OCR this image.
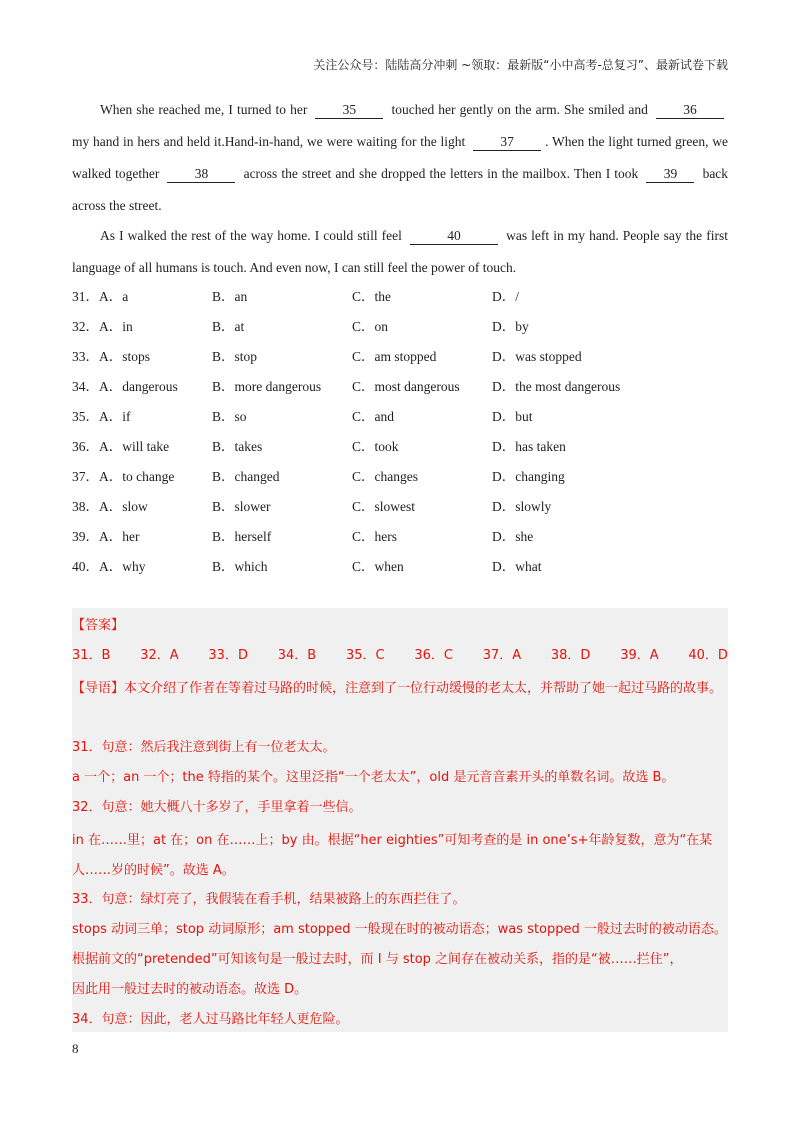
关注公众号：陆陆高分冲刺 ~领取：最新版“小中高考-总复习”、最新试卷下载

When she reached me, I turned to her	35	touched her gently on the arm. She smiled and	36 my hand in hers and held it.Hand-in-hand, we were waiting for the light	37 . When the light turned green, we walked together	38	across the street and she dropped the letters in the mailbox. Then I took 39 back across the street.

As I walked the rest of the way home. I could still feel	40	was left in my hand. People say the first language of all humans is touch. And even now, I can still feel the power of touch.

31．A．a	B．an	C．the	D．/
32．A．in	B．at	C．on	D．by
33．A．stops	B．stop	C．am stopped	D．was stopped
34．A．dangerous	B．more dangerous	C．most dangerous	D．the most dangerous
35．A．if	B．so	C．and	D．but
36．A．will take	B．takes	C．took	D．has taken
37．A．to change	B．changed	C．changes	D．changing
38．A．slow	B．slower	C．slowest	D．slowly
39．A．her	B．herself	C．hers	D．she
40．A．why	B．which	C．when	D．what
【答案】
31．B 32．A 33．D 34．B 35．C 36．C 37．A 38．D 39．A 40．D
【导语】本文介绍了作者在等着过马路的时候，注意到了一位行动缓慢的老太太，并帮助了她一起过马路的故事。
31．句意：然后我注意到街上有一位老太太。
a 一个；an 一个；the 特指的某个。这里泛指“一个老太太”，old 是元音音素开头的单数名词。故选 B。
32．句意：她大概八十多岁了，手里拿着一些信。
in 在……里；at 在；on 在……上；by 由。根据“her eighties”可知考查的是 in one’s+年龄复数，意为“在某人……岁的时候”。故选 A。
33．句意：绿灯亮了，我假装在看手机，结果被路上的东西拦住了。
stops 动词三单；stop 动词原形；am stopped 一般现在时的被动语态；was stopped 一般过去时的被动语态。
根据前文的“pretended”可知该句是一般过去时，而 I 与 stop 之间存在被动关系，指的是“被……拦住”，
因此用一般过去时的被动语态。故选 D。
34．句意：因此，老人过马路比年轻人更危险。
8
